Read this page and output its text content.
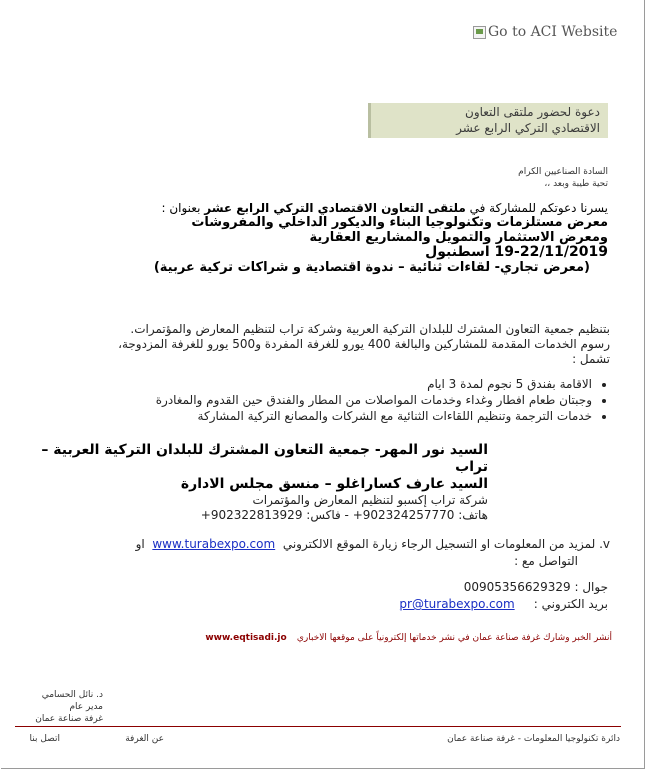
Go to ACI Website
دعوة لحضور ملتقى التعاون
الاقتصادي التركي الرابع عشر
السادة الصناعيين الكرام
تحية طيبة وبعد ،،
يسرنا دعوتكم للمشاركة في ملتقى التعاون الاقتصادي التركي الرابع عشر بعنوان :
معرض مستلزمات وتكنولوجيا البناء والديكور الداخلي والمفروشات
ومعرض الاستثمار والتمويل والمشاريع العقارية
19-22/11/2019 اسطنبول
(معرض تجاري- لقاءات ثنائية – ندوة اقتصادية و شراكات تركية عربية)
بتنظيم جمعية التعاون المشترك للبلدان التركية العربية وشركة تراب لتنظيم المعارض والمؤتمرات.
رسوم الخدمات المقدمة للمشاركين والبالغة 400 يورو للغرفة المفردة و500 يورو للغرفة المزدوجة،
تشمل :
• الاقامة بفندق 5 نجوم لمدة 3 ايام
• وجبتان طعام افطار وغداء وخدمات المواصلات من المطار والفندق حين القدوم والمغادرة
• خدمات الترجمة وتنظيم اللقاءات الثنائية مع الشركات والمصانع التركية المشاركة
السيد نور المهر- جمعية التعاون المشترك للبلدان التركية العربية – تراب
السيد عارف كساراغلو – منسق مجلس الادارة
شركة تراب إكسبو لتنظيم المعارض والمؤتمرات
هاتف: +902324257770 - فاكس: +902322813929
v. لمزيد من المعلومات او التسجيل الرجاء زيارة الموقع الالكتروني  www.turabexpo.com  او
التواصل مع :
جوال : 00905356629329
بريد الكتروني :     pr@turabexpo.com
أنشر الخبر وشارك غرفة صناعة عمان في نشر خدماتها إلكترونياً على موقعها الاخباري  www.eqtisadi.jo
د. نائل الحسامي
مدير عام
غرفة صناعة عمان
دائرة تكنولوجيا المعلومات - غرفة صناعة عمان
عن الغرفة
اتصل بنا
